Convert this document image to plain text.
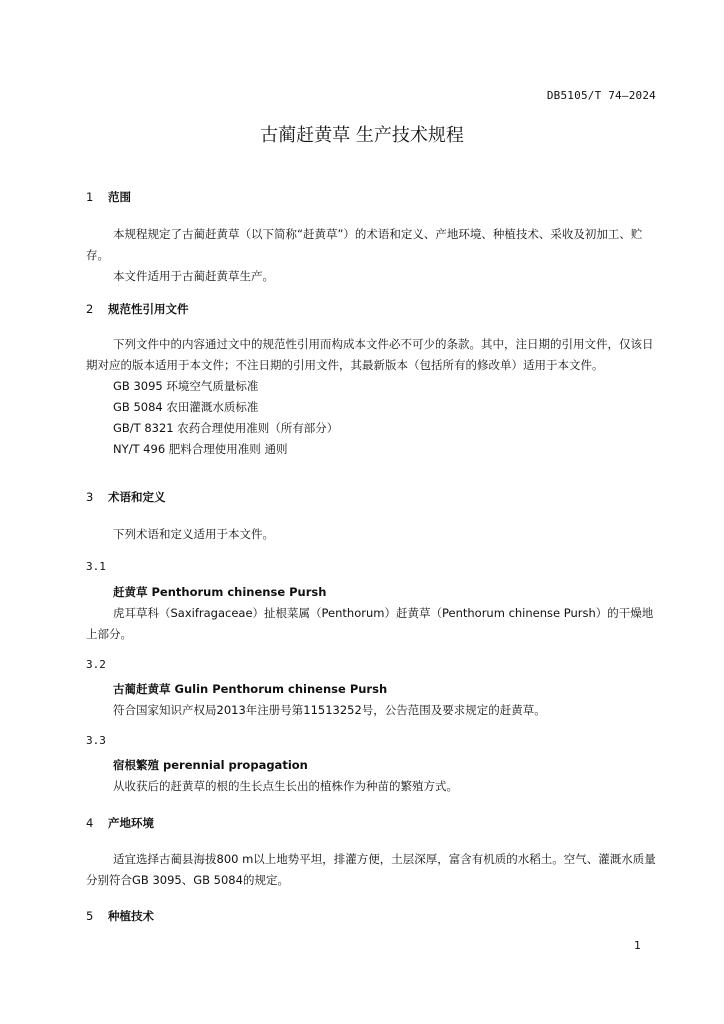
DB5105/T 74—2024
古蔺赶黄草 生产技术规程
1 范围

本规程规定了古蔺赶黄草（以下简称“赶黄草”）的术语和定义、产地环境、种植技术、采收及初加工、贮存。

本文件适用于古蔺赶黄草生产。

2 规范性引用文件

下列文件中的内容通过文中的规范性引用而构成本文件必不可少的条款。其中，注日期的引用文件，仅该日期对应的版本适用于本文件；不注日期的引用文件，其最新版本（包括所有的修改单）适用于本文件。

GB 3095 环境空气质量标准

GB 5084 农田灌溉水质标准

GB/T 8321 农药合理使用准则（所有部分）

NY/T 496 肥料合理使用准则 通则

3 术语和定义

下列术语和定义适用于本文件。

3.1

赶黄草 Penthorum chinense Pursh

虎耳草科（Saxifragaceae）扯根菜属（Penthorum）赶黄草（Penthorum chinense Pursh）的干燥地上部分。

3.2

古蔺赶黄草 Gulin Penthorum chinense Pursh

符合国家知识产权局2013年注册号第11513252号，公告范围及要求规定的赶黄草。

3.3

宿根繁殖 perennial propagation

从收获后的赶黄草的根的生长点生长出的植株作为种苗的繁殖方式。

4 产地环境

适宜选择古蔺县海拔800 m以上地势平坦，排灌方便，土层深厚，富含有机质的水稻土。空气、灌溉水质量分别符合GB 3095、GB 5084的规定。

5 种植技术
1
